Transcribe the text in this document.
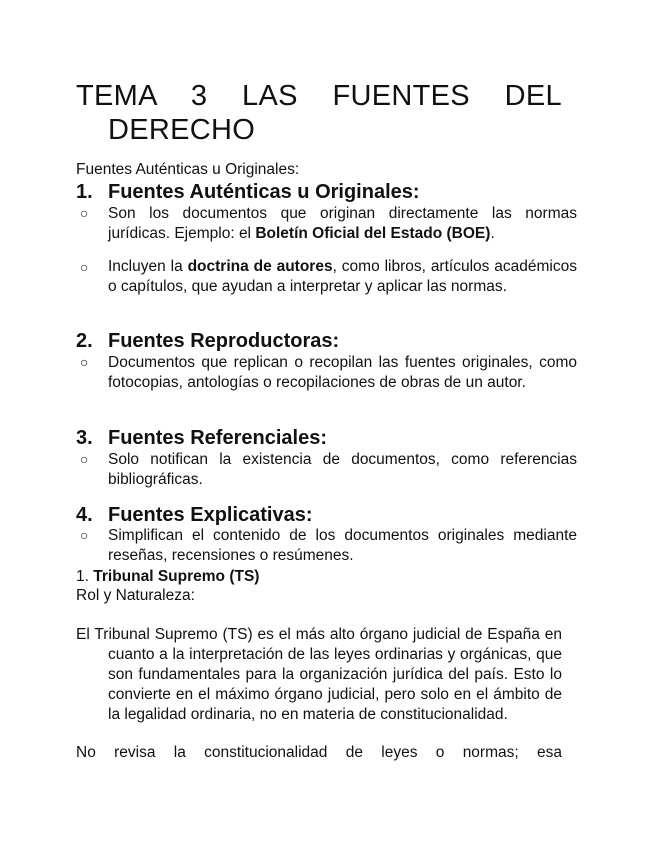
TEMA 3 LAS FUENTES DEL
DERECHO
Fuentes Auténticas u Originales:
1. Fuentes Auténticas u Originales:
○ Son los documentos que originan directamente las normas jurídicas. Ejemplo: el Boletín Oficial del Estado (BOE).
○ Incluyen la doctrina de autores, como libros, artículos académicos o capítulos, que ayudan a interpretar y aplicar las normas.
2. Fuentes Reproductoras:
○ Documentos que replican o recopilan las fuentes originales, como fotocopias, antologías o recopilaciones de obras de un autor.
3. Fuentes Referenciales:
○ Solo notifican la existencia de documentos, como referencias bibliográficas.
4. Fuentes Explicativas:
○ Simplifican el contenido de los documentos originales mediante reseñas, recensiones o resúmenes.
1. Tribunal Supremo (TS)
Rol y Naturaleza:
El Tribunal Supremo (TS) es el más alto órgano judicial de España en cuanto a la interpretación de las leyes ordinarias y orgánicas, que son fundamentales para la organización jurídica del país. Esto lo convierte en el máximo órgano judicial, pero solo en el ámbito de la legalidad ordinaria, no en materia de constitucionalidad.
No revisa la constitucionalidad de leyes o normas; esa
